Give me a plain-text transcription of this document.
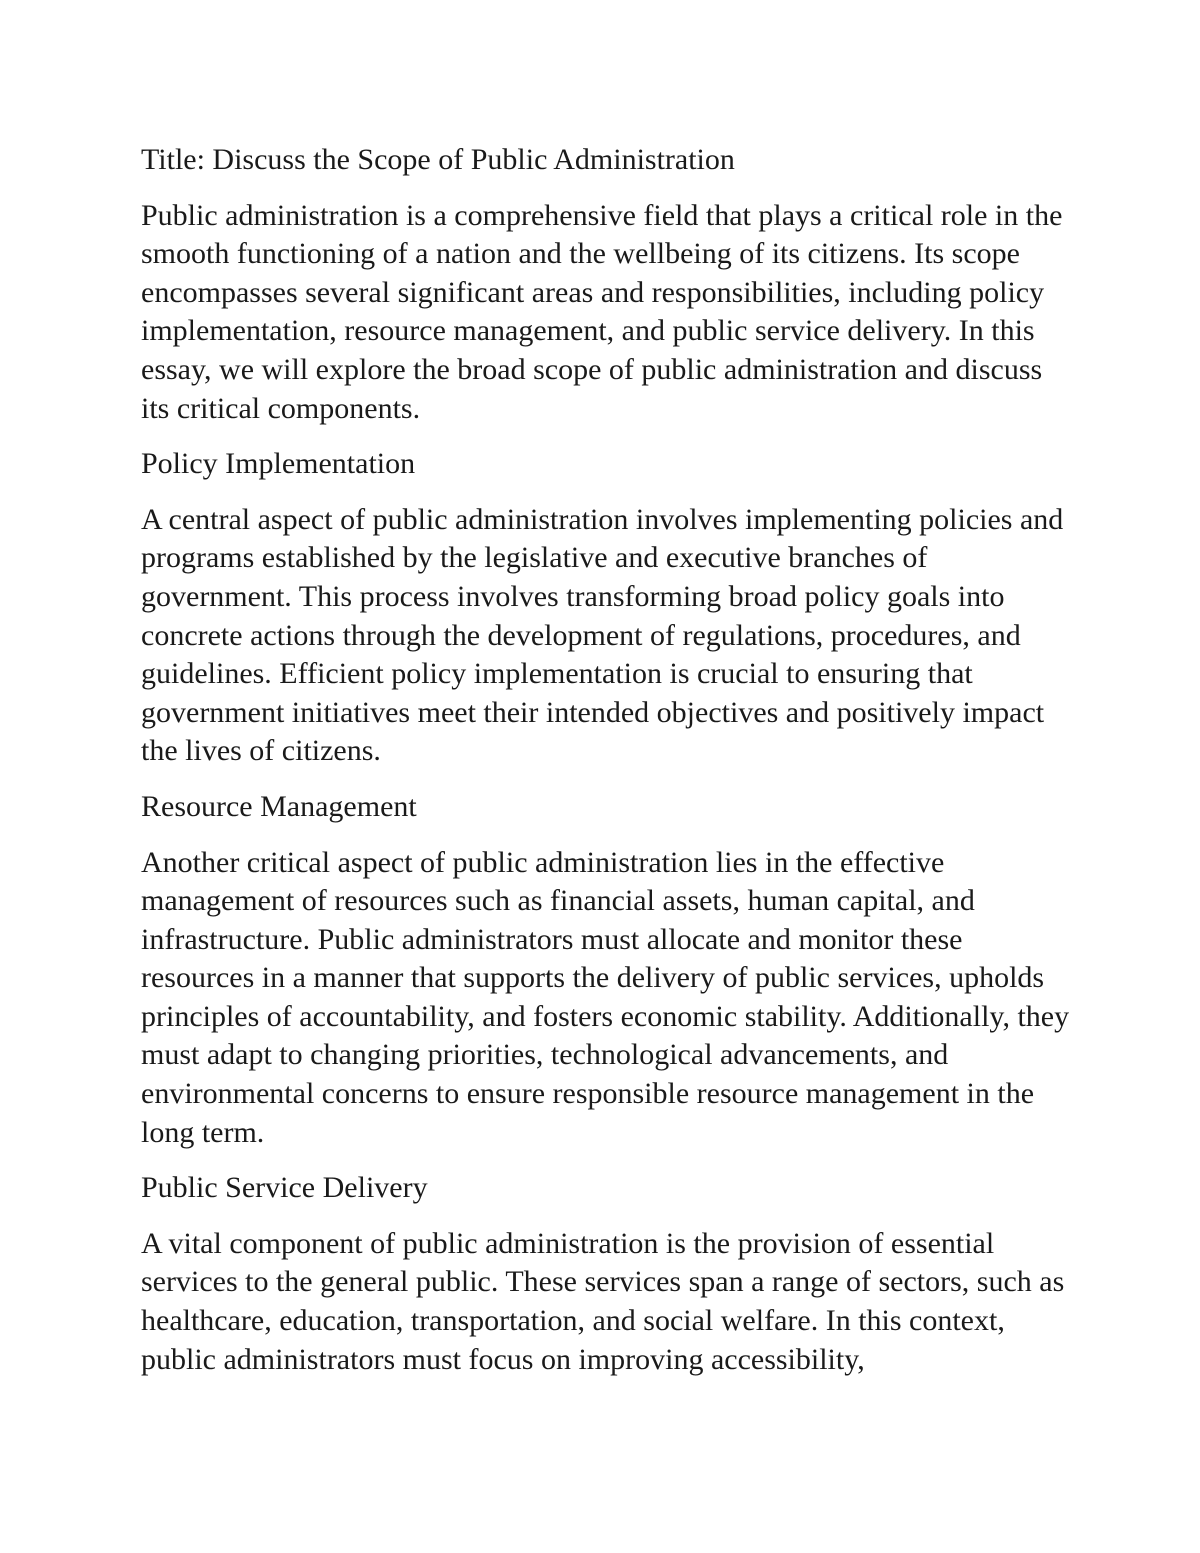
Title: Discuss the Scope of Public Administration

Public administration is a comprehensive field that plays a critical role in the smooth functioning of a nation and the wellbeing of its citizens. Its scope encompasses several significant areas and responsibilities, including policy implementation, resource management, and public service delivery. In this essay, we will explore the broad scope of public administration and discuss its critical components.

Policy Implementation

A central aspect of public administration involves implementing policies and programs established by the legislative and executive branches of government. This process involves transforming broad policy goals into concrete actions through the development of regulations, procedures, and guidelines. Efficient policy implementation is crucial to ensuring that government initiatives meet their intended objectives and positively impact the lives of citizens.

Resource Management

Another critical aspect of public administration lies in the effective management of resources such as financial assets, human capital, and infrastructure. Public administrators must allocate and monitor these resources in a manner that supports the delivery of public services, upholds principles of accountability, and fosters economic stability. Additionally, they must adapt to changing priorities, technological advancements, and environmental concerns to ensure responsible resource management in the long term.

Public Service Delivery

A vital component of public administration is the provision of essential services to the general public. These services span a range of sectors, such as healthcare, education, transportation, and social welfare. In this context, public administrators must focus on improving accessibility,
